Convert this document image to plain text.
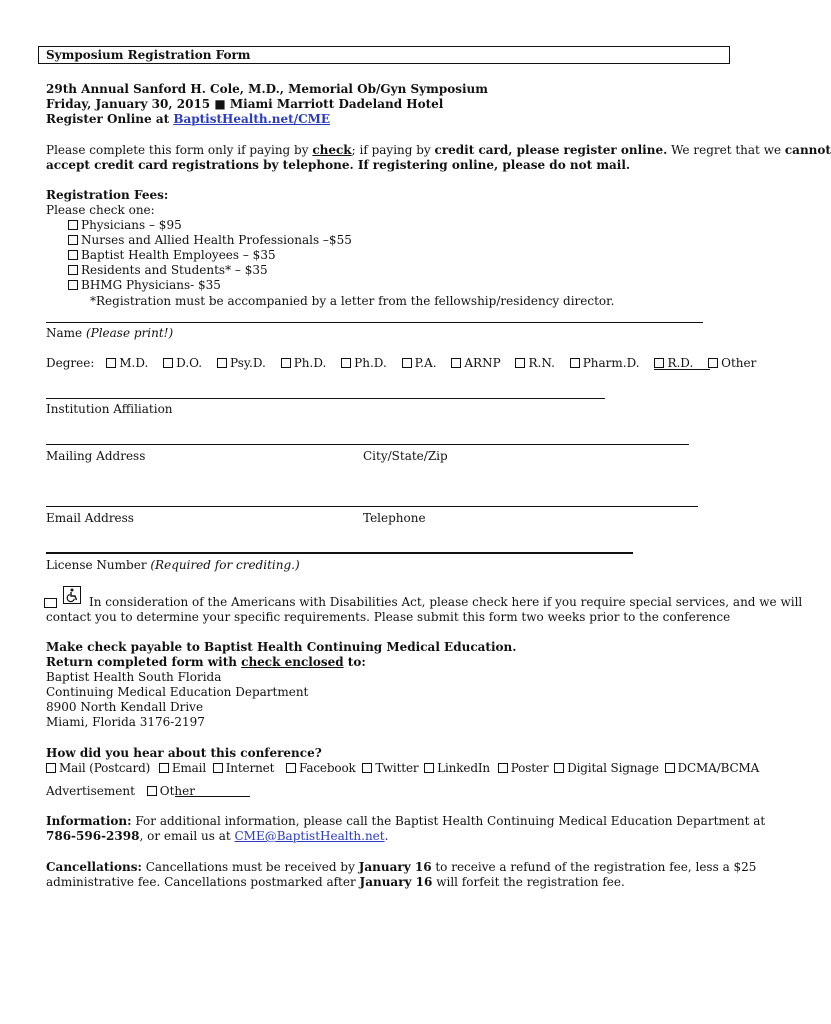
Symposium Registration Form
29th Annual Sanford H. Cole, M.D., Memorial Ob/Gyn Symposium
Friday, January 30, 2015 ■ Miami Marriott Dadeland Hotel
Register Online at BaptistHealth.net/CME
Please complete this form only if paying by check; if paying by credit card, please register online. We regret that we cannot
accept credit card registrations by telephone. If registering online, please do not mail.
Registration Fees:
Please check one:
Physicians – $95
Nurses and Allied Health Professionals –$55
Baptist Health Employees – $35
Residents and Students* – $35
BHMG Physicians- $35
*Registration must be accompanied by a letter from the fellowship/residency director.
Name (Please print!)
Degree: M.D. D.O. Psy.D. Ph.D. Ph.D. P.A. ARNP R.N. Pharm.D. R.D. Other
Institution Affiliation
Mailing Address	City/State/Zip
Email Address	Telephone
License Number (Required for crediting.)
In consideration of the Americans with Disabilities Act, please check here if you require special services, and we will
contact you to determine your specific requirements. Please submit this form two weeks prior to the conference
Make check payable to Baptist Health Continuing Medical Education.
Return completed form with check enclosed to:
Baptist Health South Florida
Continuing Medical Education Department
8900 North Kendall Drive
Miami, Florida 3176-2197
How did you hear about this conference?
Mail (Postcard) Email Internet Facebook Twitter LinkedIn Poster Digital Signage DCMA/BCMA
Advertisement Other
Information: For additional information, please call the Baptist Health Continuing Medical Education Department at
786-596-2398, or email us at CME@BaptistHealth.net.
Cancellations: Cancellations must be received by January 16 to receive a refund of the registration fee, less a $25
administrative fee. Cancellations postmarked after January 16 will forfeit the registration fee.
